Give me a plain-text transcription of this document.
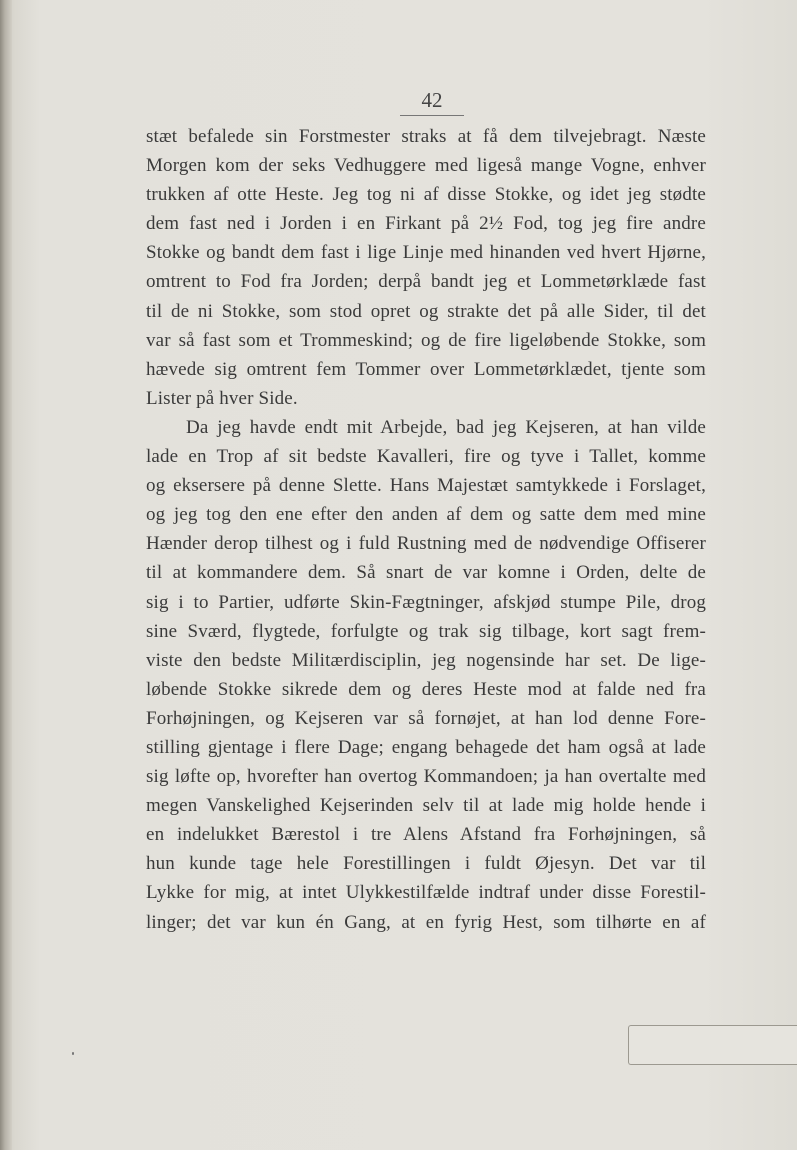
42
stæt befalede sin Forstmester straks at få dem tilvejebragt. Næste
Morgen kom der seks Vedhuggere med ligeså mange Vogne, enhver
trukken af otte Heste. Jeg tog ni af disse Stokke, og idet jeg stødte
dem fast ned i Jorden i en Firkant på 2½ Fod, tog jeg fire andre
Stokke og bandt dem fast i lige Linje med hinanden ved hvert Hjørne,
omtrent to Fod fra Jorden; derpå bandt jeg et Lommetørklæde fast
til de ni Stokke, som stod opret og strakte det på alle Sider, til det
var så fast som et Trommeskind; og de fire ligeløbende Stokke, som
hævede sig omtrent fem Tommer over Lommetørklædet, tjente som
Lister på hver Side.
Da jeg havde endt mit Arbejde, bad jeg Kejseren, at han vilde
lade en Trop af sit bedste Kavalleri, fire og tyve i Tallet, komme
og eksersere på denne Slette. Hans Majestæt samtykkede i Forslaget,
og jeg tog den ene efter den anden af dem og satte dem med mine
Hænder derop tilhest og i fuld Rustning med de nødvendige Offiserer
til at kommandere dem. Så snart de var komne i Orden, delte de
sig i to Partier, udførte Skin-Fægtninger, afskjød stumpe Pile, drog
sine Sværd, flygtede, forfulgte og trak sig tilbage, kort sagt frem-
viste den bedste Militærdisciplin, jeg nogensinde har set. De lige-
løbende Stokke sikrede dem og deres Heste mod at falde ned fra
Forhøjningen, og Kejseren var så fornøjet, at han lod denne Fore-
stilling gjentage i flere Dage; engang behagede det ham også at lade
sig løfte op, hvorefter han overtog Kommandoen; ja han overtalte med
megen Vanskelighed Kejserinden selv til at lade mig holde hende i
en indelukket Bærestol i tre Alens Afstand fra Forhøjningen, så
hun kunde tage hele Forestillingen i fuldt Øjesyn. Det var til
Lykke for mig, at intet Ulykkestilfælde indtraf under disse Forestil-
linger; det var kun én Gang, at en fyrig Hest, som tilhørte en af
